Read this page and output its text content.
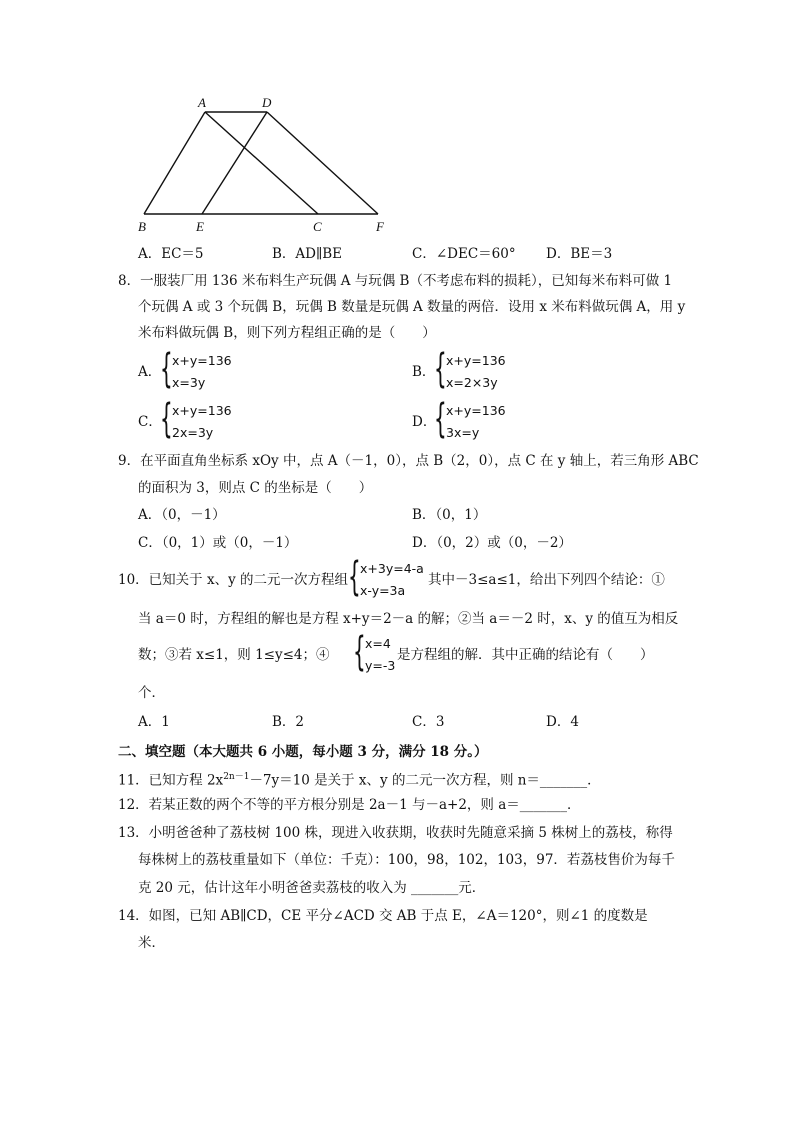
A	D
B	E	C	F
A．EC＝5	B．AD∥BE	C．∠DEC＝60° D．BE＝3
8．一服装厂用 136 米布料生产玩偶 A 与玩偶 B（不考虑布料的损耗），已知每米布料可做 1
个玩偶 A 或 3 个玩偶 B，玩偶 B 数量是玩偶 A 数量的两倍．设用 x 米布料做玩偶 A，用 y
米布料做玩偶 B，则下列方程组正确的是（　　）
A．
{ x+y=136
x=3y
B．
{ x+y=136
x=2×3y
C．
{ x+y=136
2x=3y
D．
{ x+y=136
3x=y
9．在平面直角坐标系 xOy 中，点 A（－1，0），点 B（2，0），点 C 在 y 轴上，若三角形 ABC
的面积为 3，则点 C 的坐标是（　　）
A．（0，－1）	B．（0，1）
C．（0，1）或（0，－1）	D．（0，2）或（0，－2）
10．已知关于 x、y 的二元一次方程组 { x+3y=4-a
x-y=3a
其中－3≤a≤1，给出下列四个结论：①
当 a＝0 时，方程组的解也是方程 x+y＝2－a 的解；②当 a＝－2 时，x、y 的值互为相反
数；③若 x≤1，则 1≤y≤4；④ { x=4
y=-3
是方程组的解．其中正确的结论有（　　）
个．
A．1	B．2	C．3	D．4
二、填空题（本大题共 6 小题，每小题 3 分，满分 18 分。）
11．已知方程 $2x^{2n-1}-7y=10$ 是关于 x、y 的二元一次方程，则 n＝_______．
12．若某正数的两个不等的平方根分别是 2a－1 与－a+2，则 a＝_______．
13．小明爸爸种了荔枝树 100 株，现进入收获期，收获时先随意采摘 5 株树上的荔枝，称得
每株树上的荔枝重量如下（单位：千克）：100，98，102，103，97．若荔枝售价为每千
克 20 元，估计这年小明爸爸卖荔枝的收入为 _______元．
14．如图，已知 AB∥CD，CE 平分∠ACD 交 AB 于点 E，∠A＝120°，则∠1 的度数是
米．
